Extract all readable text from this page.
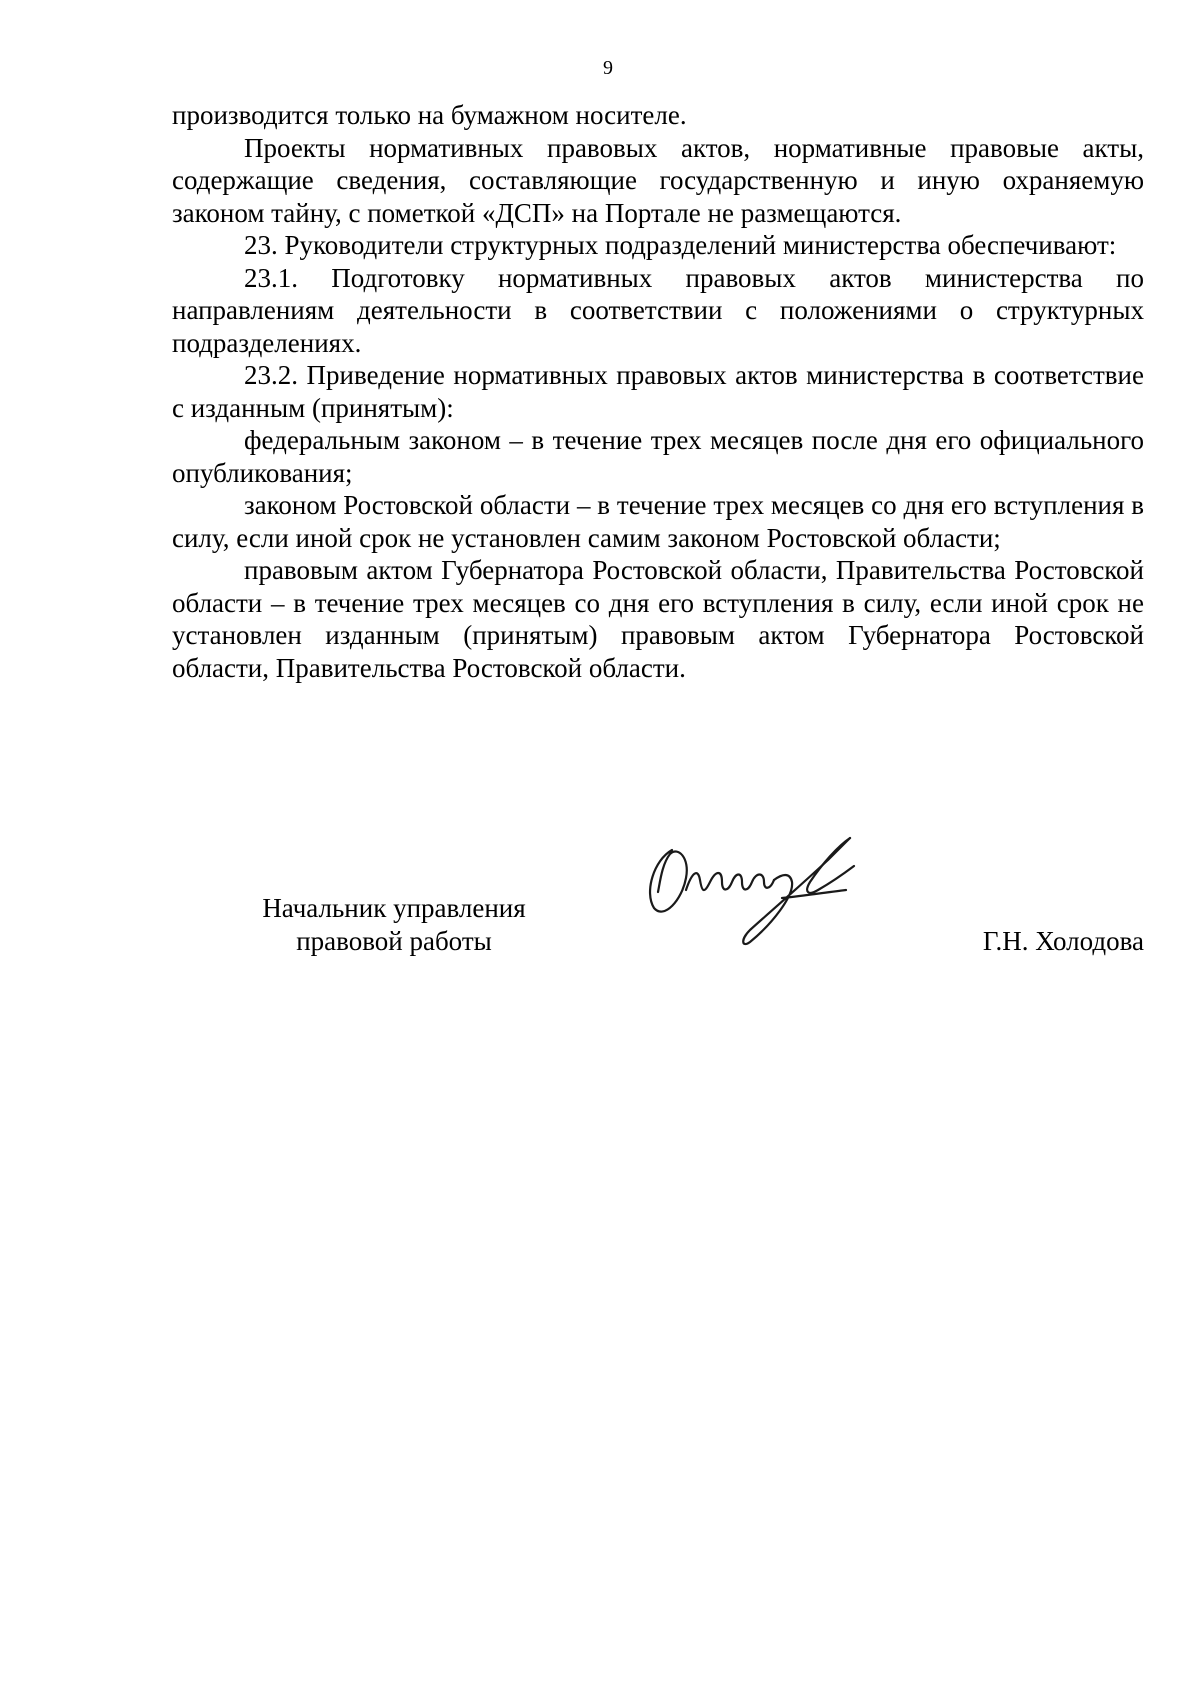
9

производится только на бумажном носителе.

Проекты нормативных правовых актов, нормативные правовые акты, содержащие сведения, составляющие государственную и иную охраняемую законом тайну, с пометкой «ДСП» на Портале не размещаются.

23. Руководители структурных подразделений министерства обеспечивают:

23.1. Подготовку нормативных правовых актов министерства по направлениям деятельности в соответствии с положениями о структурных подразделениях.

23.2. Приведение нормативных правовых актов министерства в соответствие с изданным (принятым):

федеральным законом – в течение трех месяцев после дня его официального опубликования;

законом Ростовской области – в течение трех месяцев со дня его вступления в силу, если иной срок не установлен самим законом Ростовской области;

правовым актом Губернатора Ростовской области, Правительства Ростовской области – в течение трех месяцев со дня его вступления в силу, если иной срок не установлен изданным (принятым) правовым актом Губернатора Ростовской области, Правительства Ростовской области.

Начальник управления
правовой работы	Г.Н. Холодова
